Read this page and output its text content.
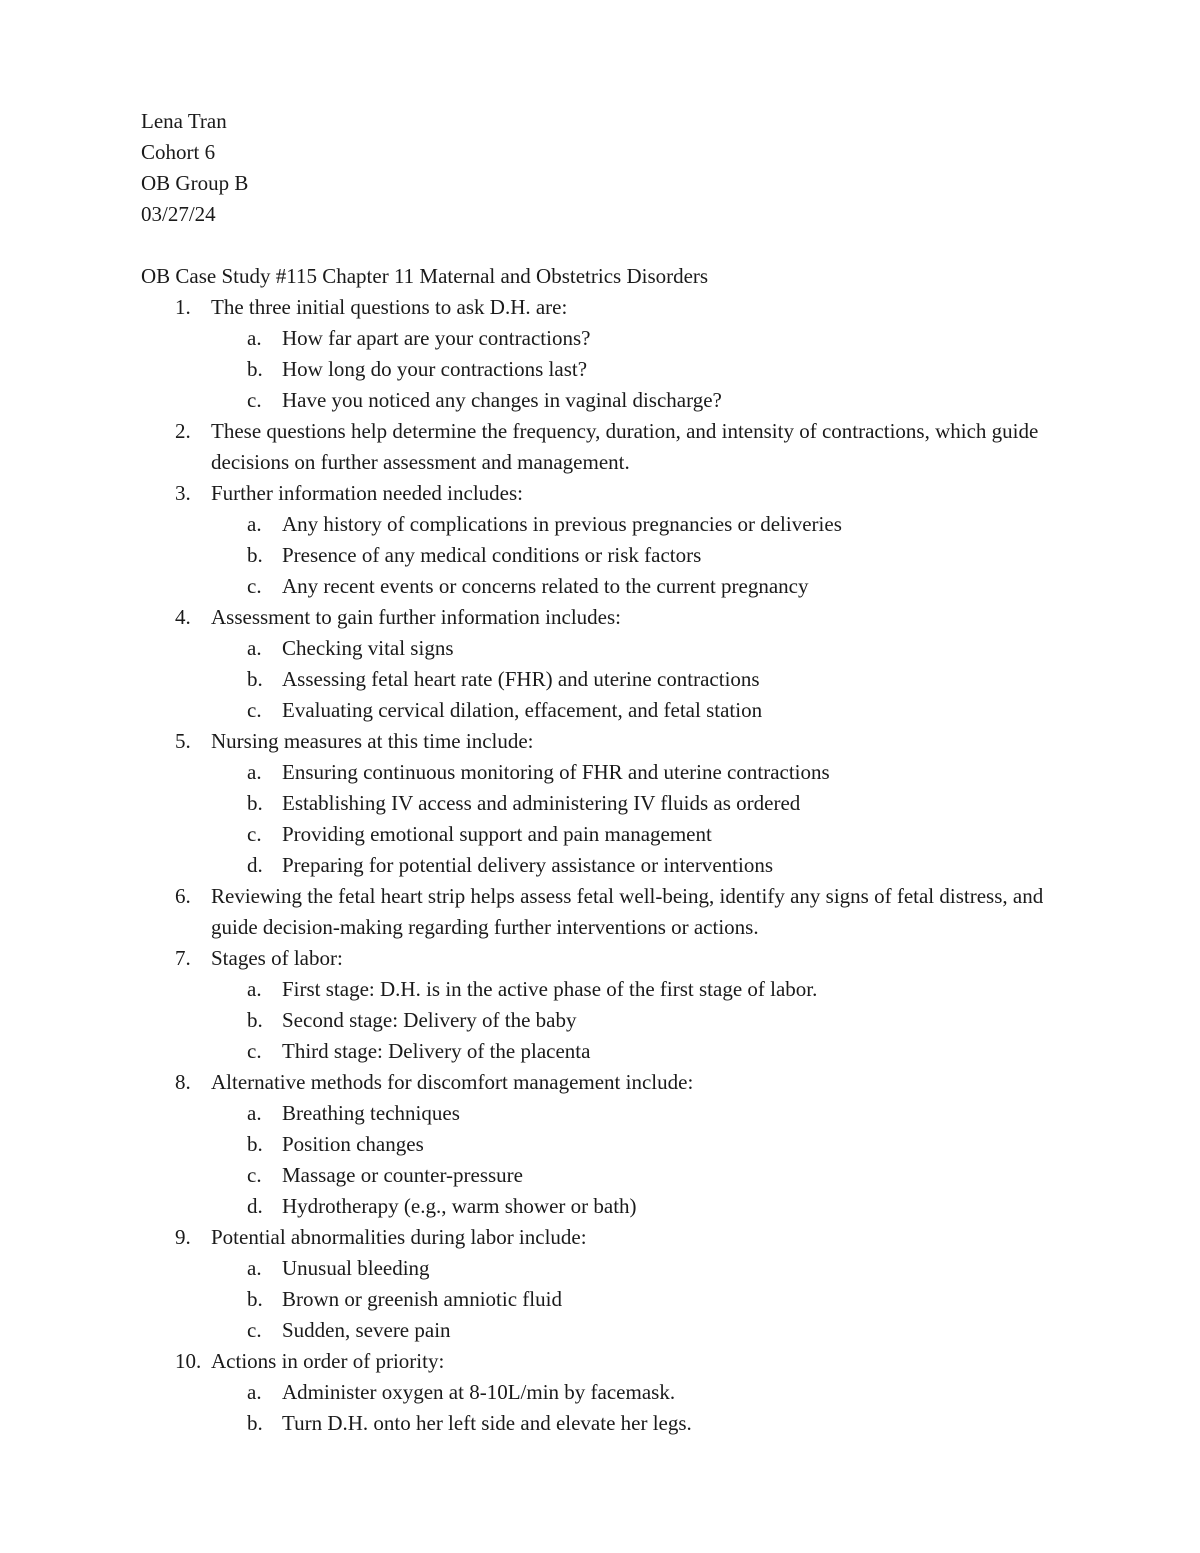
Lena Tran

Cohort 6

OB Group B

03/27/24

OB Case Study #115 Chapter 11 Maternal and Obstetrics Disorders

1. The three initial questions to ask D.H. are:
a. How far apart are your contractions?
b. How long do your contractions last?
c. Have you noticed any changes in vaginal discharge?
2. These questions help determine the frequency, duration, and intensity of contractions, which guide decisions on further assessment and management.
3. Further information needed includes:
a. Any history of complications in previous pregnancies or deliveries
b. Presence of any medical conditions or risk factors
c. Any recent events or concerns related to the current pregnancy
4. Assessment to gain further information includes:
a. Checking vital signs
b. Assessing fetal heart rate (FHR) and uterine contractions
c. Evaluating cervical dilation, effacement, and fetal station
5. Nursing measures at this time include:
a. Ensuring continuous monitoring of FHR and uterine contractions
b. Establishing IV access and administering IV fluids as ordered
c. Providing emotional support and pain management
d. Preparing for potential delivery assistance or interventions
6. Reviewing the fetal heart strip helps assess fetal well-being, identify any signs of fetal distress, and guide decision-making regarding further interventions or actions.
7. Stages of labor:
a. First stage: D.H. is in the active phase of the first stage of labor.
b. Second stage: Delivery of the baby
c. Third stage: Delivery of the placenta
8. Alternative methods for discomfort management include:
a. Breathing techniques
b. Position changes
c. Massage or counter-pressure
d. Hydrotherapy (e.g., warm shower or bath)
9. Potential abnormalities during labor include:
a. Unusual bleeding
b. Brown or greenish amniotic fluid
c. Sudden, severe pain
10. Actions in order of priority:
a. Administer oxygen at 8-10L/min by facemask.
b. Turn D.H. onto her left side and elevate her legs.
